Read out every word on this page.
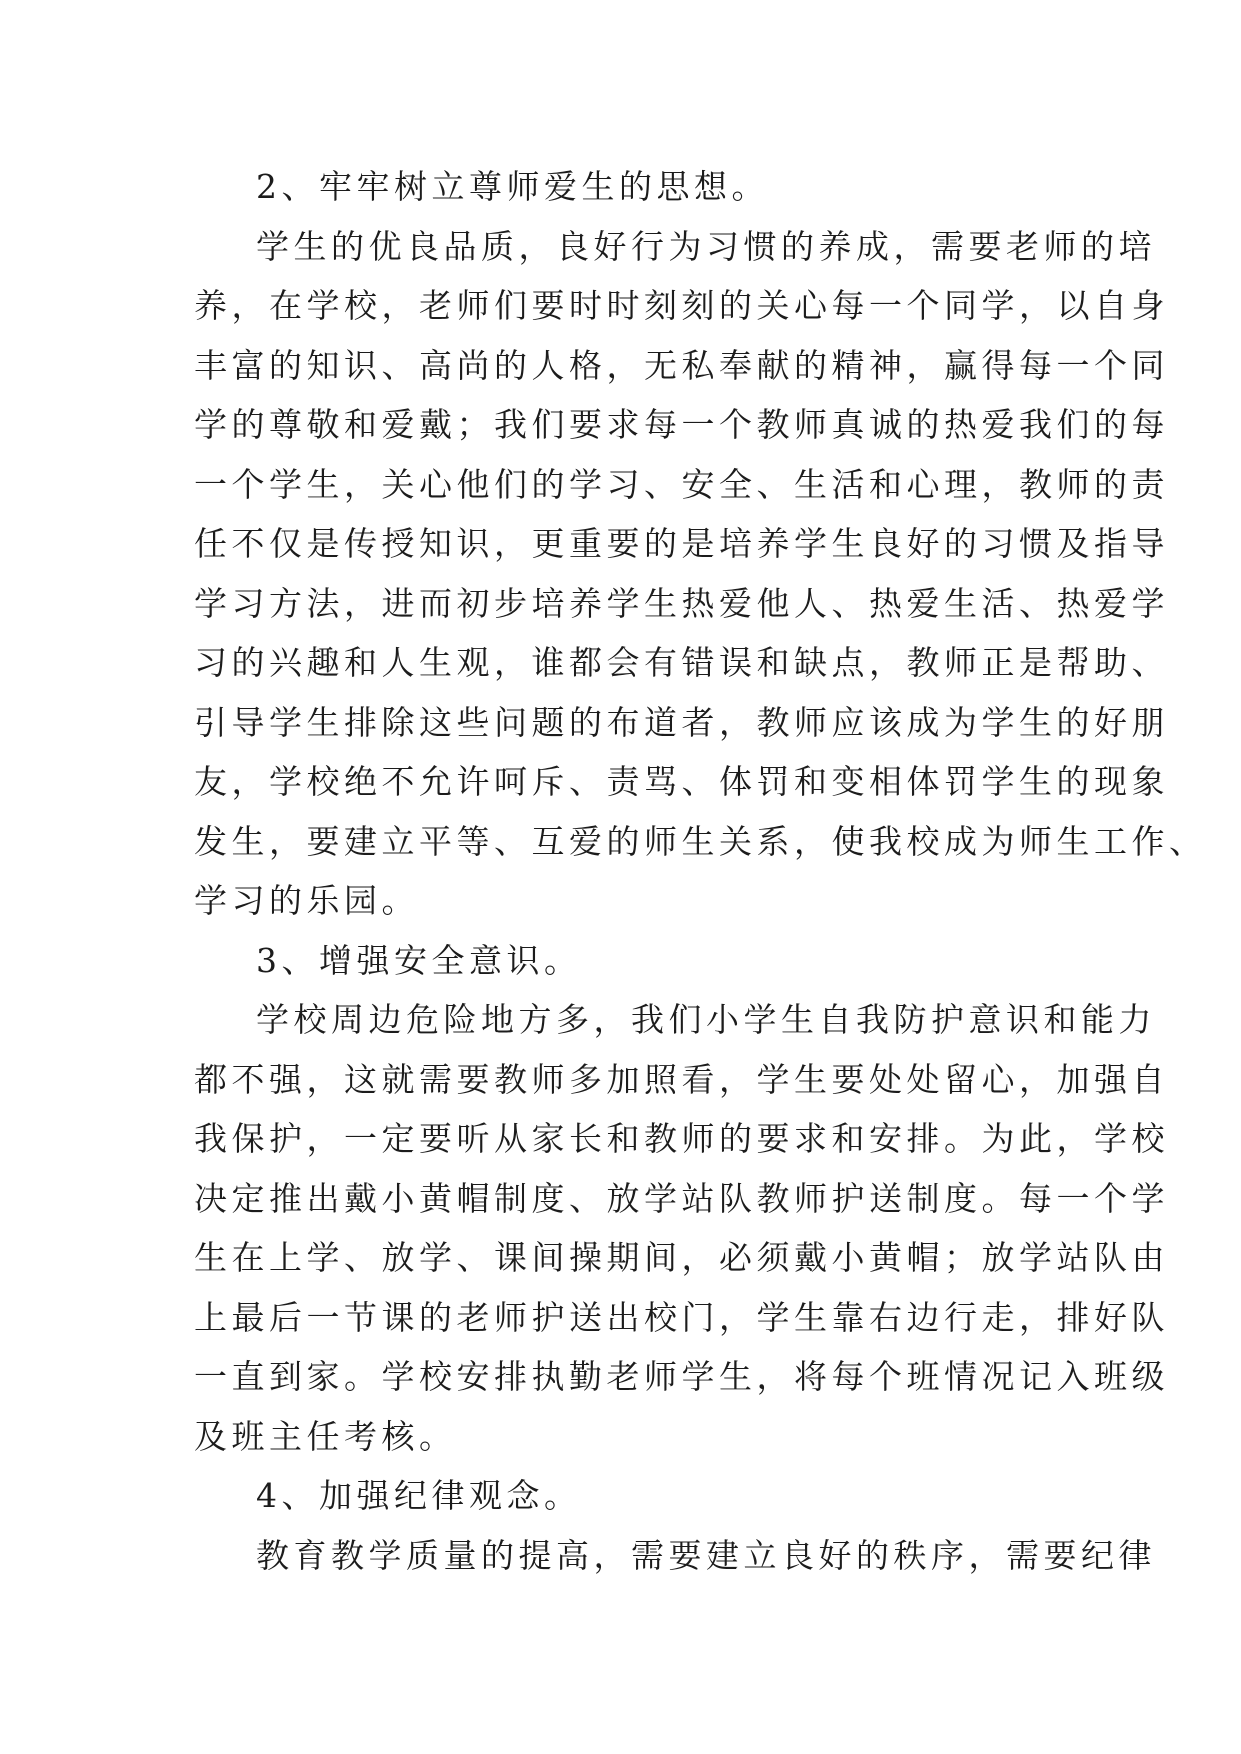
2、牢牢树立尊师爱生的思想。
学生的优良品质，良好行为习惯的养成，需要老师的培
养，在学校，老师们要时时刻刻的关心每一个同学，以自身
丰富的知识、高尚的人格，无私奉献的精神，赢得每一个同
学的尊敬和爱戴；我们要求每一个教师真诚的热爱我们的每
一个学生，关心他们的学习、安全、生活和心理，教师的责
任不仅是传授知识，更重要的是培养学生良好的习惯及指导
学习方法，进而初步培养学生热爱他人、热爱生活、热爱学
习的兴趣和人生观，谁都会有错误和缺点，教师正是帮助、
引导学生排除这些问题的布道者，教师应该成为学生的好朋
友，学校绝不允许呵斥、责骂、体罚和变相体罚学生的现象
发生，要建立平等、互爱的师生关系，使我校成为师生工作、
学习的乐园。
3、增强安全意识。
学校周边危险地方多，我们小学生自我防护意识和能力
都不强，这就需要教师多加照看，学生要处处留心，加强自
我保护，一定要听从家长和教师的要求和安排。为此，学校
决定推出戴小黄帽制度、放学站队教师护送制度。每一个学
生在上学、放学、课间操期间，必须戴小黄帽；放学站队由
上最后一节课的老师护送出校门，学生靠右边行走，排好队
一直到家。学校安排执勤老师学生，将每个班情况记入班级
及班主任考核。
4、加强纪律观念。
教育教学质量的提高，需要建立良好的秩序，需要纪律
